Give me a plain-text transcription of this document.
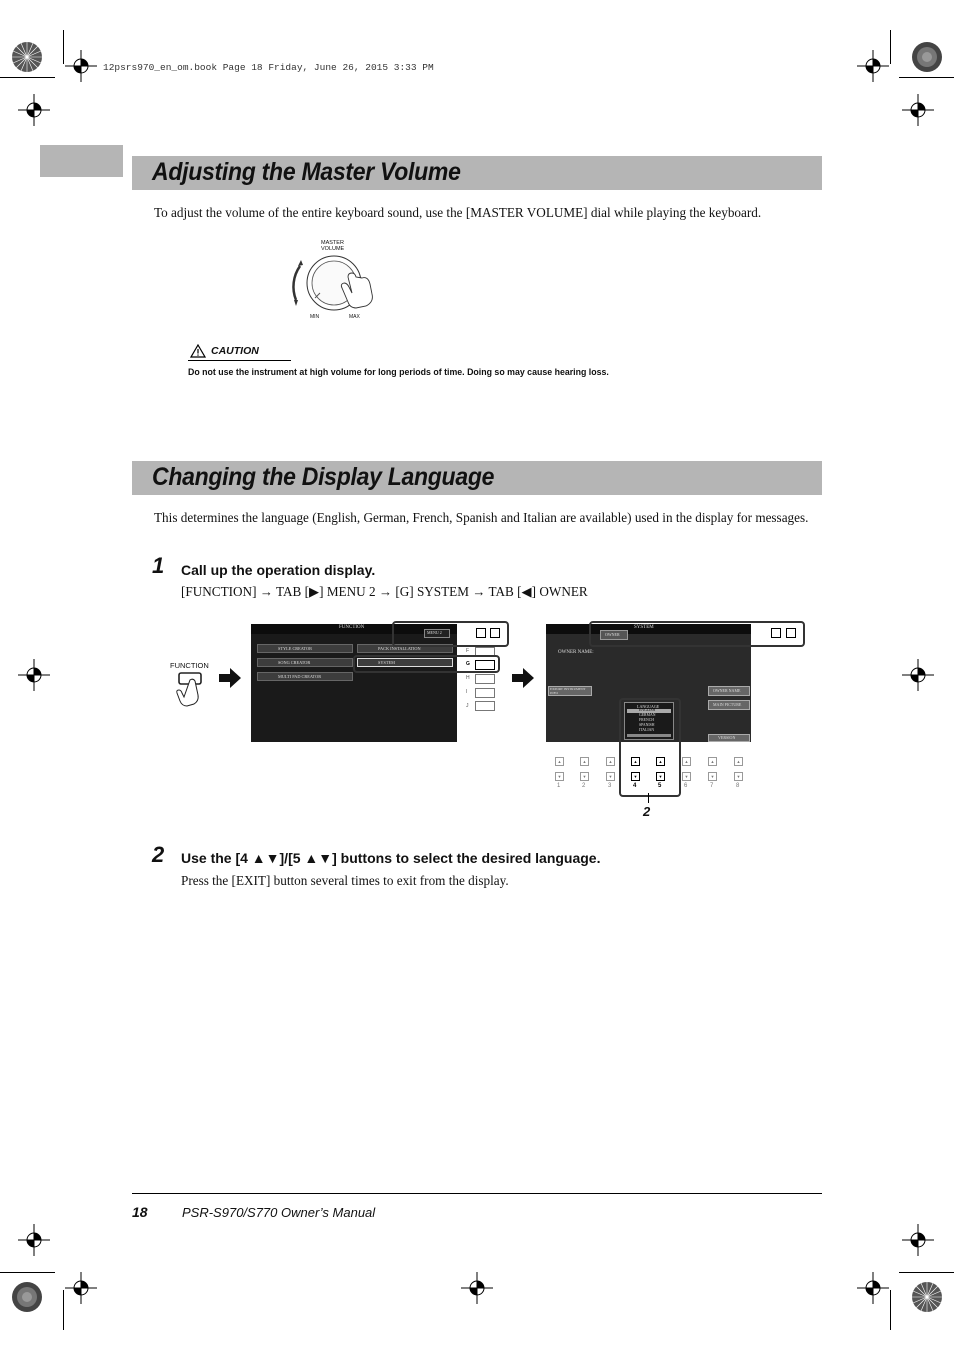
12psrs970_en_om.book Page 18 Friday, June 26, 2015 3:33 PM
Adjusting the Master Volume
To adjust the volume of the entire keyboard sound, use the [MASTER VOLUME] dial while playing the keyboard.
MASTER
VOLUME
MIN	MAX
CAUTION
Do not use the instrument at high volume for long periods of time. Doing so may cause hearing loss.
Changing the Display Language
This determines the language (English, German, French, Spanish and Italian are available) used in the display for messages.
1 Call up the operation display.
[FUNCTION] → TAB [▶] MENU 2 → [G] SYSTEM → TAB [◀] OWNER
FUNCTION
FUNCTION
MENU 2
STYLE CREATOR
SONG CREATOR
MULTI PAD CREATOR
PACK INSTALLATION
SYSTEM
F
G
H
I
J
SYSTEM
OWNER
OWNER NAME:
EXPORT INSTRUMENT INFO	OWNER NAME
MAIN PICTURE
VERSION
LANGUAGE
ENGLISH
GERMAN
FRENCH
SPANISH
ITALIAN
▲
▼
1
▲
▼
2
▲
▼
3
▲
▼
4
▲
▼
5
▲
▼
6
▲
▼
7
▲
▼
8
2
2 Use the [4 ▲▼]/[5 ▲▼] buttons to select the desired language.
Press the [EXIT] button several times to exit from the display.
18	PSR-S970/S770 Owner’s Manual
